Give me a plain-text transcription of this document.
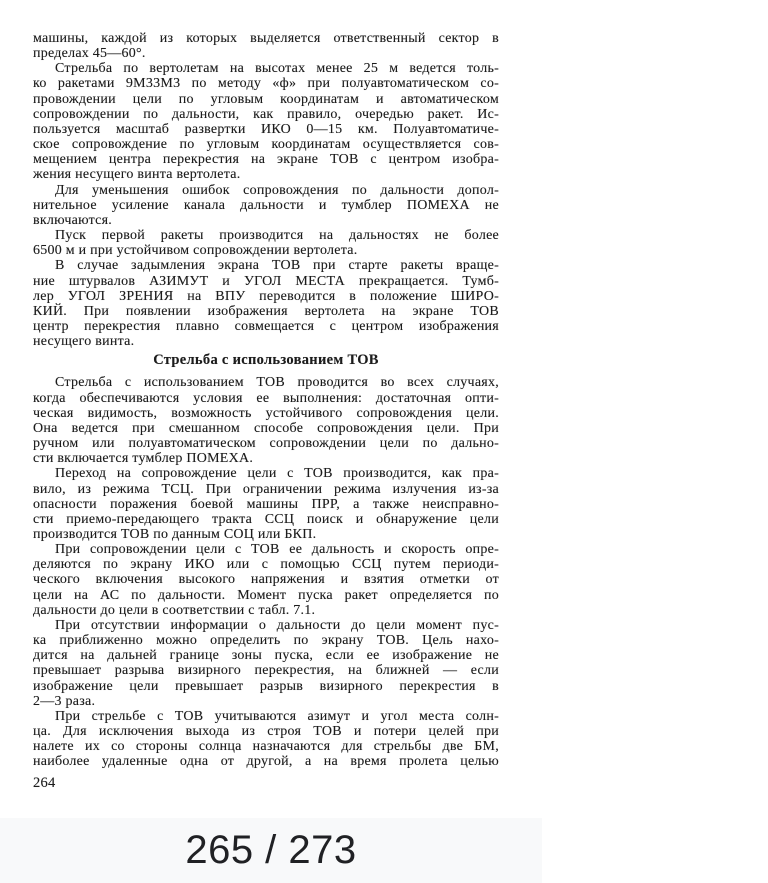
машины, каждой из которых выделяется ответственный сектор в
пределах 45—60°.
Стрельба по вертолетам на высотах менее 25 м ведется толь-
ко ракетами 9М33М3 по методу «ф» при полуавтоматическом со-
провождении цели по угловым координатам и автоматическом
сопровождении по дальности, как правило, очередью ракет. Ис-
пользуется масштаб развертки ИКО 0—15 км. Полуавтоматиче-
ское сопровождение по угловым координатам осуществляется сов-
мещением центра перекрестия на экране ТОВ с центром изобра-
жения несущего винта вертолета.
Для уменьшения ошибок сопровождения по дальности допол-
нительное усиление канала дальности и тумблер ПОМЕХА не
включаются.
Пуск первой ракеты производится на дальностях не более
6500 м и при устойчивом сопровождении вертолета.
В случае задымления экрана ТОВ при старте ракеты враще-
ние штурвалов АЗИМУТ и УГОЛ МЕСТА прекращается. Тумб-
лер УГОЛ ЗРЕНИЯ на ВПУ переводится в положение ШИРО-
КИЙ. При появлении изображения вертолета на экране ТОВ
центр перекрестия плавно совмещается с центром изображения
несущего винта.
Стрельба с использованием ТОВ
Стрельба с использованием ТОВ проводится во всех случаях,
когда обеспечиваются условия ее выполнения: достаточная опти-
ческая видимость, возможность устойчивого сопровождения цели.
Она ведется при смешанном способе сопровождения цели. При
ручном или полуавтоматическом сопровождении цели по дально-
сти включается тумблер ПОМЕХА.
Переход на сопровождение цели с ТОВ производится, как пра-
вило, из режима ТСЦ. При ограничении режима излучения из-за
опасности поражения боевой машины ПРР, а также неисправно-
сти приемо-передающего тракта ССЦ поиск и обнаружение цели
производится ТОВ по данным СОЦ или БКП.
При сопровождении цели с ТОВ ее дальность и скорость опре-
деляются по экрану ИКО или с помощью ССЦ путем периоди-
ческого включения высокого напряжения и взятия отметки от
цели на АС по дальности. Момент пуска ракет определяется по
дальности до цели в соответствии с табл. 7.1.
При отсутствии информации о дальности до цели момент пус-
ка приближенно можно определить по экрану ТОВ. Цель нахо-
дится на дальней границе зоны пуска, если ее изображение не
превышает разрыва визирного перекрестия, на ближней — если
изображение цели превышает разрыв визирного перекрестия в
2—3 раза.
При стрельбе с ТОВ учитываются азимут и угол места солн-
ца. Для исключения выхода из строя ТОВ и потери целей при
налете их со стороны солнца назначаются для стрельбы две БМ,
наиболее удаленные одна от другой, а на время пролета целью
264
265 / 273
